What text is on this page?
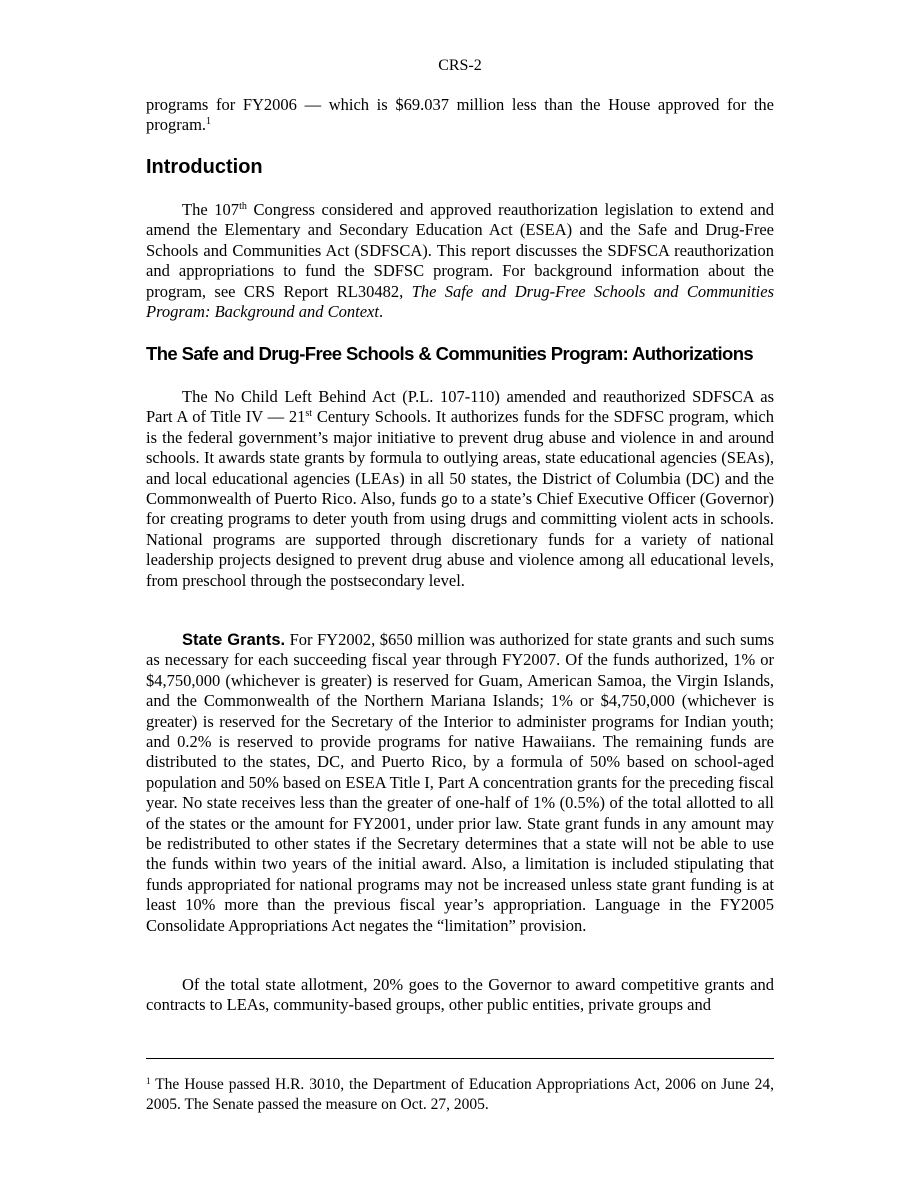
CRS-2

programs for FY2006 — which is $69.037 million less than the House approved for the program.$^1$

Introduction

The 107th Congress considered and approved reauthorization legislation to extend and amend the Elementary and Secondary Education Act (ESEA) and the Safe and Drug-Free Schools and Communities Act (SDFSCA). This report discusses the SDFSCA reauthorization and appropriations to fund the SDFSC program. For background information about the program, see CRS Report RL30482, The Safe and Drug-Free Schools and Communities Program: Background and Context.

The Safe and Drug-Free Schools & Communities Program: Authorizations

The No Child Left Behind Act (P.L. 107-110) amended and reauthorized SDFSCA as Part A of Title IV — 21st Century Schools. It authorizes funds for the SDFSC program, which is the federal government’s major initiative to prevent drug abuse and violence in and around schools. It awards state grants by formula to outlying areas, state educational agencies (SEAs), and local educational agencies (LEAs) in all 50 states, the District of Columbia (DC) and the Commonwealth of Puerto Rico. Also, funds go to a state’s Chief Executive Officer (Governor) for creating programs to deter youth from using drugs and committing violent acts in schools. National programs are supported through discretionary funds for a variety of national leadership projects designed to prevent drug abuse and violence among all educational levels, from preschool through the postsecondary level.

State Grants. For FY2002, $650 million was authorized for state grants and such sums as necessary for each succeeding fiscal year through FY2007. Of the funds authorized, 1% or $4,750,000 (whichever is greater) is reserved for Guam, American Samoa, the Virgin Islands, and the Commonwealth of the Northern Mariana Islands; 1% or $4,750,000 (whichever is greater) is reserved for the Secretary of the Interior to administer programs for Indian youth; and 0.2% is reserved to provide programs for native Hawaiians. The remaining funds are distributed to the states, DC, and Puerto Rico, by a formula of 50% based on school-aged population and 50% based on ESEA Title I, Part A concentration grants for the preceding fiscal year. No state receives less than the greater of one-half of 1% (0.5%) of the total allotted to all of the states or the amount for FY2001, under prior law. State grant funds in any amount may be redistributed to other states if the Secretary determines that a state will not be able to use the funds within two years of the initial award. Also, a limitation is included stipulating that funds appropriated for national programs may not be increased unless state grant funding is at least 10% more than the previous fiscal year’s appropriation. Language in the FY2005 Consolidate Appropriations Act negates the “limitation” provision.

Of the total state allotment, 20% goes to the Governor to award competitive grants and contracts to LEAs, community-based groups, other public entities, private groups and

$^1$ The House passed H.R. 3010, the Department of Education Appropriations Act, 2006 on June 24, 2005. The Senate passed the measure on Oct. 27, 2005.
